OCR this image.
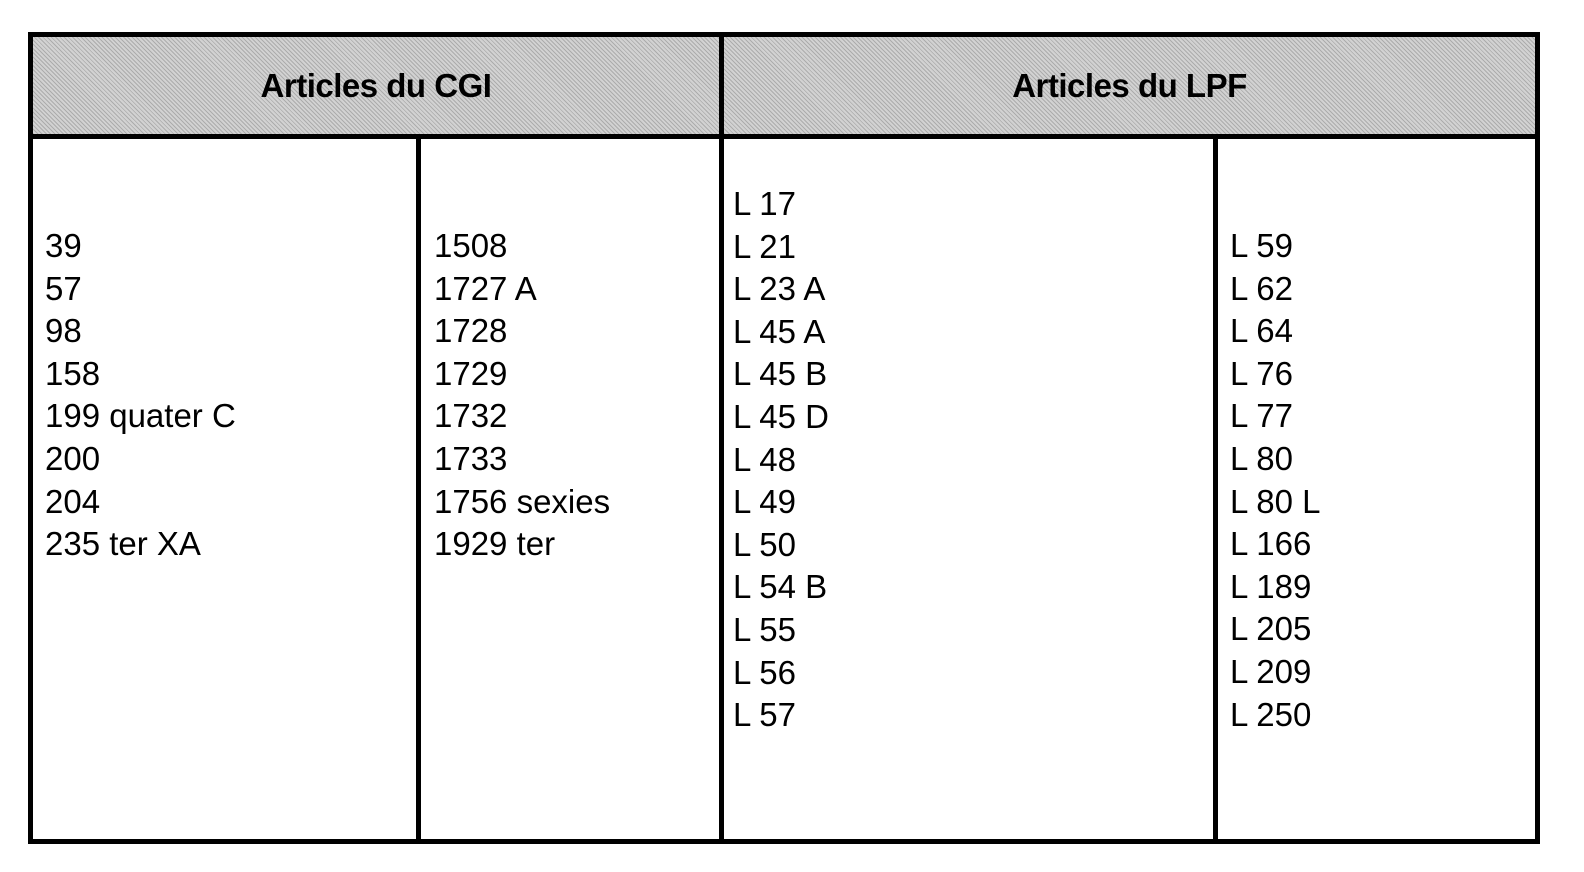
Articles du CGI	Articles du LPF
39
57
98
158
199 quater C
200
204
235 ter XA
1508
1727 A
1728
1729
1732
1733
1756 sexies
1929 ter
L 17
L 21
L 23 A
L 45 A
L 45 B
L 45 D
L 48
L 49
L 50
L 54 B
L 55
L 56
L 57
L 59
L 62
L 64
L 76
L 77
L 80
L 80 L
L 166
L 189
L 205
L 209
L 250
